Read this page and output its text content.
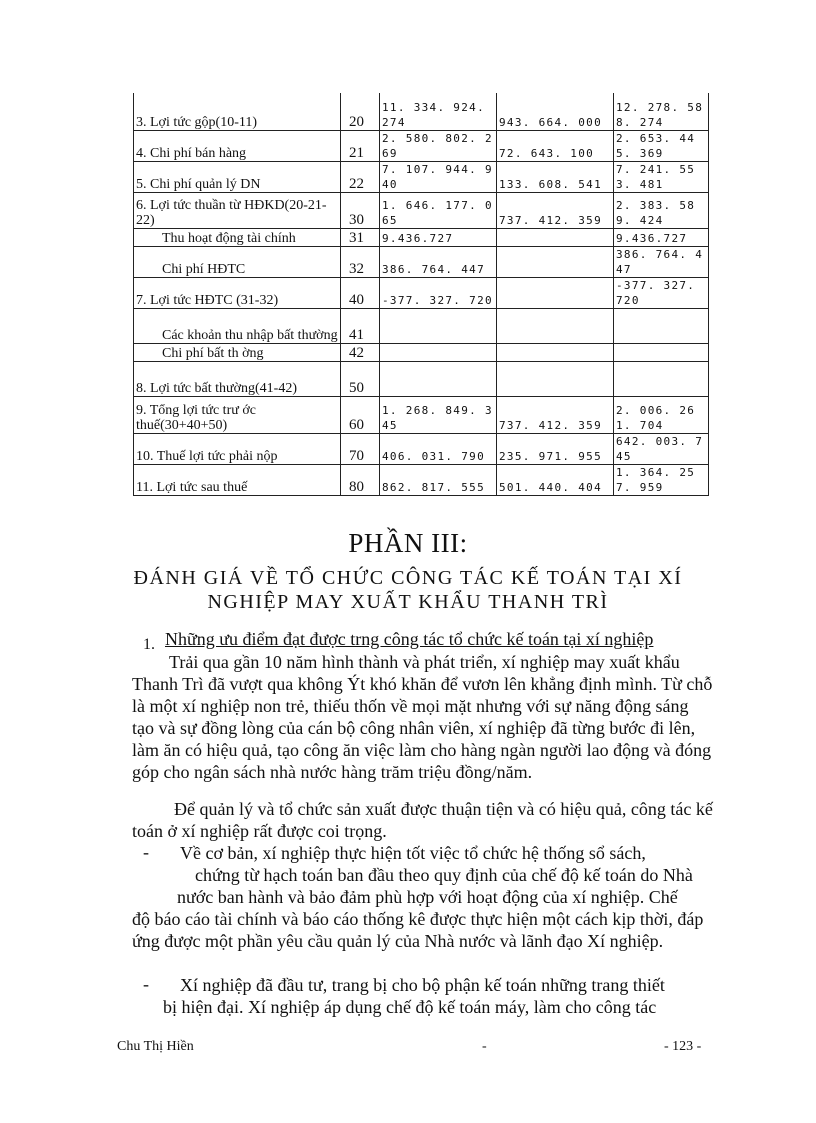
3. Lợi tức gộp(10-11)	20	11. 334. 924. 274	943. 664. 000	12. 278. 588. 274
4. Chi phí bán hàng	21	2. 580. 802. 269	72. 643. 100	2. 653. 445. 369
5. Chi phí quản lý DN	22	7. 107. 944. 940	133. 608. 541	7. 241. 553. 481
6. Lợi tức thuần từ HĐKD(20-21-22)	30	1. 646. 177. 065	737. 412. 359	2. 383. 589. 424
Thu hoạt động tài chính	31	9.436.727		9.436.727
Chi phí HĐTC	32	386. 764. 447		386. 764. 447
7. Lợi tức HĐTC (31-32)	40	-377. 327. 720		-377. 327. 720
Các khoản thu nhập bất thường	41			
Chi phí bất th ờng	42			
8. Lợi tức bất thường(41-42)	50			
9. Tổng lợi tức trư ớc thuế(30+40+50)	60	1. 268. 849. 345	737. 412. 359	2. 006. 261. 704
10. Thuế lợi tức phải nộp	70	406. 031. 790	235. 971. 955	642. 003. 745
11. Lợi tức sau thuế	80	862. 817. 555	501. 440. 404	1. 364. 257. 959
PHẦN III:
ĐÁNH GIÁ VỀ TỔ CHỨC CÔNG TÁC KẾ TOÁN TẠI XÍ NGHIỆP MAY XUẤT KHẨU THANH TRÌ
1. Những ưu điểm đạt được trng công tác tổ chức kế toán tại xí nghiệp
Trải qua gần 10 năm hình thành và phát triển, xí nghiệp may xuất khẩu Thanh Trì đã vượt qua không Ýt khó khăn để vươn lên khẳng định mình. Từ chỗ là một xí nghiệp non trẻ, thiếu thốn về mọi mặt nhưng với sự năng động sáng tạo và sự đồng lòng của cán bộ công nhân viên, xí nghiệp đã từng bước đi lên, làm ăn có hiệu quả, tạo công ăn việc làm cho hàng ngàn người lao động và đóng góp cho ngân sách nhà nước hàng trăm triệu đồng/năm.
Để quản lý và tổ chức sản xuất được thuận tiện và có hiệu quả, công tác kế toán ở xí nghiệp rất được coi trọng.
- Về cơ bản, xí nghiệp thực hiện tốt việc tổ chức hệ thống sổ sách,
chứng từ hạch toán ban đầu theo quy định của chế độ kế toán do Nhà
nước ban hành và bảo đảm phù hợp với hoạt động của xí nghiệp. Chế
độ báo cáo tài chính và báo cáo thống kê được thực hiện một cách kịp thời, đáp ứng được một phần yêu cầu quản lý của Nhà nước và lãnh đạo Xí nghiệp.
- Xí nghiệp đã đầu tư, trang bị cho bộ phận kế toán những trang thiết
bị hiện đại. Xí nghiệp áp dụng chế độ kế toán máy, làm cho công tác
Chu Thị Hiền	-	- 123 -
